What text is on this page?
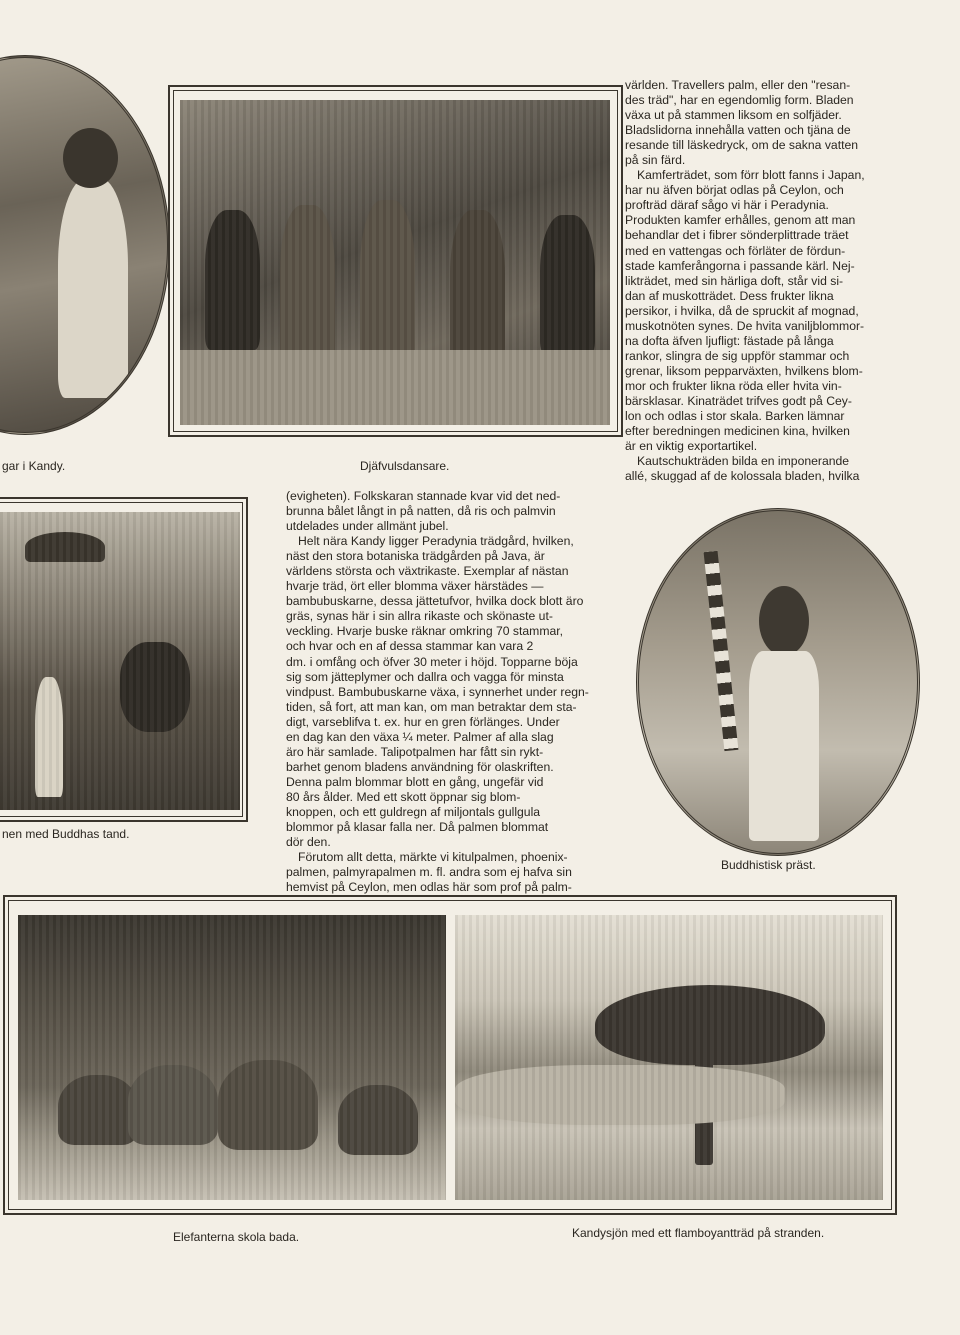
gar i Kandy.	Djäfvulsdansare.

världen. Travellers palm, eller den "resan-

des träd", har en egendomlig form. Bladen

växa ut på stammen liksom en solfjäder.

Bladslidorna innehålla vatten och tjäna de

resande till läskedryck, om de sakna vatten

på sin färd.

Kamferträdet, som förr blott fanns i Japan,

har nu äfven börjat odlas på Ceylon, och

profträd däraf sågo vi här i Peradynia.

Produkten kamfer erhålles, genom att man

behandlar det i fibrer sönderplittrade träet

med en vattengas och förläter de fördun-

stade kamferångorna i passande kärl. Nej-

likträdet, med sin härliga doft, står vid si-

dan af muskotträdet. Dess frukter likna

persikor, i hvilka, då de spruckit af mognad,

muskotnöten synes. De hvita vaniljblommor-

na dofta äfven ljufligt: fästade på långa

rankor, slingra de sig uppför stammar och

grenar, liksom pepparväxten, hvilkens blom-

mor och frukter likna röda eller hvita vin-

bärsklasar. Kinaträdet trifves godt på Cey-

lon och odlas i stor skala. Barken lämnar

efter beredningen medicinen kina, hvilken

är en viktig exportartikel.

Kautschukträden bilda en imponerande

allé, skuggad af de kolossala bladen, hvilka

nen med Buddhas tand.

(evigheten). Folkskaran stannade kvar vid det ned-

brunna bålet långt in på natten, då ris och palmvin

utdelades under allmänt jubel.

Helt nära Kandy ligger Peradynia trädgård, hvilken,

näst den stora botaniska trädgården på Java, är

världens största och växtrikaste. Exemplar af nästan

hvarje träd, ört eller blomma växer härstädes —

bambubuskarne, dessa jättetufvor, hvilka dock blott äro

gräs, synas här i sin allra rikaste och skönaste ut-

veckling. Hvarje buske räknar omkring 70 stammar,

och hvar och en af dessa stammar kan vara 2

dm. i omfång och öfver 30 meter i höjd. Topparne böja

sig som jätteplymer och dallra och vagga för minsta

vindpust. Bambubuskarne växa, i synnerhet under regn-

tiden, så fort, att man kan, om man betraktar dem sta-

digt, varseblifva t. ex. hur en gren förlänges. Under

en dag kan den växa ¼ meter. Palmer af alla slag

äro här samlade. Talipotpalmen har fått sin rykt-

barhet genom bladens användning för olaskriften.

Denna palm blommar blott en gång, ungefär vid

80 års ålder. Med ett skott öppnar sig blom-

knoppen, och ett guldregn af miljontals gullgula

blommor på klasar falla ner. Då palmen blommat

dör den.

Förutom allt detta, märkte vi kitulpalmen, phoenix-

palmen, palmyrapalmen m. fl. andra som ej hafva sin

hemvist på Ceylon, men odlas här som prof på palm-

Buddhistisk präst.
Elefanterna skola bada.	Kandysjön med ett flamboyantträd på stranden.
